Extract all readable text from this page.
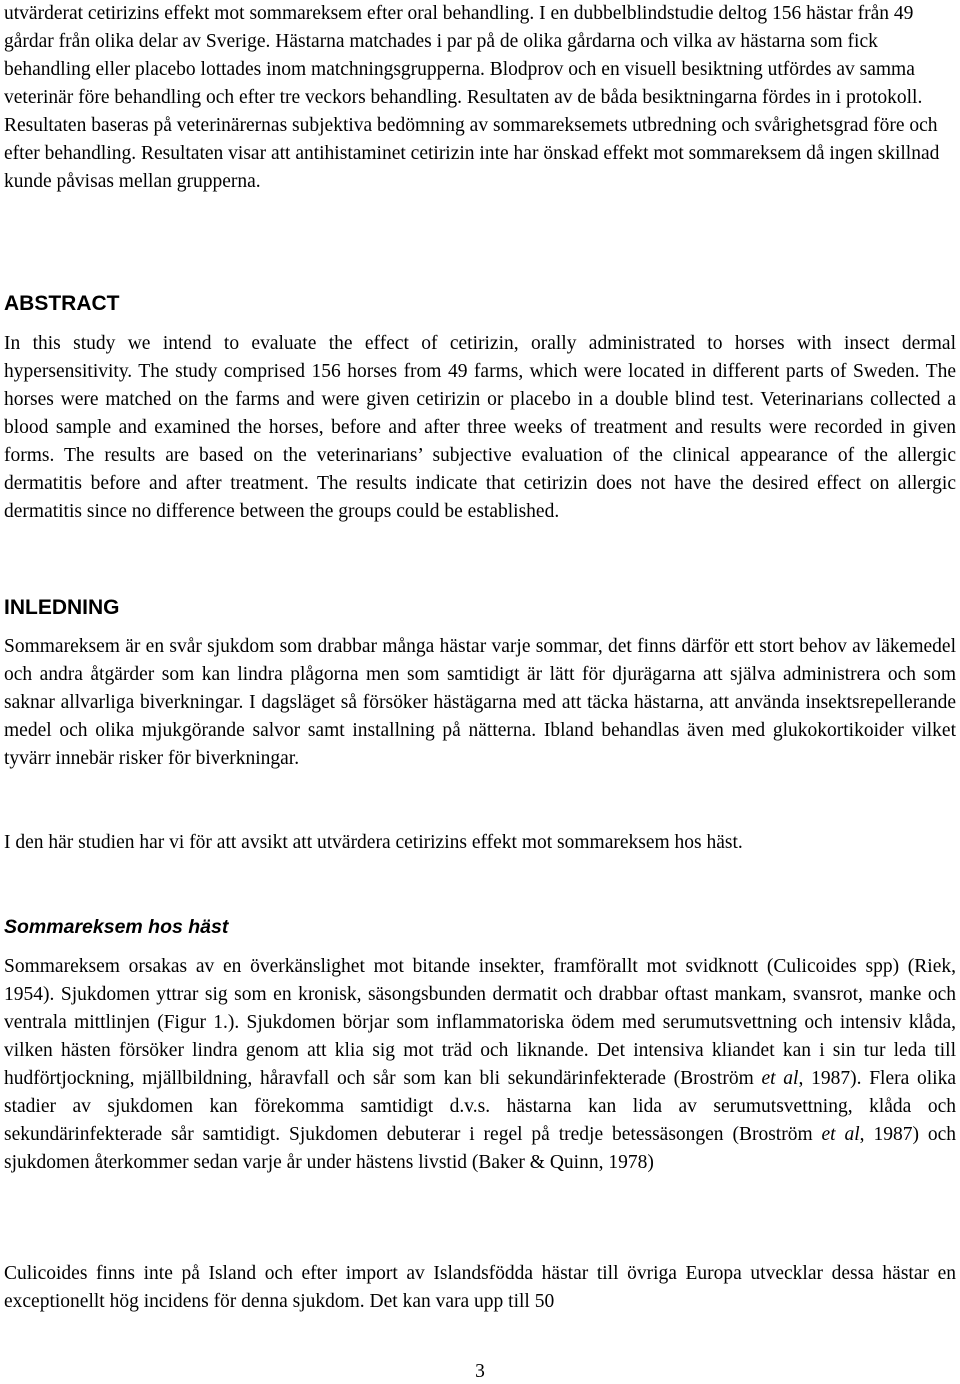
utvärderat cetirizins effekt mot sommareksem efter oral behandling. I en dubbelblindstudie deltog 156 hästar från 49 gårdar från olika delar av Sverige. Hästarna matchades i par på de olika gårdarna och vilka av hästarna som fick behandling eller placebo lottades inom matchningsgrupperna. Blodprov och en visuell besiktning utfördes av samma veterinär före behandling och efter tre veckors behandling. Resultaten av de båda besiktningarna fördes in i protokoll. Resultaten baseras på veterinärernas subjektiva bedömning av sommareksemets utbredning och svårighetsgrad före och efter behandling. Resultaten visar att antihistaminet cetirizin inte har önskad effekt mot sommareksem då ingen skillnad kunde påvisas mellan grupperna.

ABSTRACT

In this study we intend to evaluate the effect of cetirizin, orally administrated to horses with insect dermal hypersensitivity. The study comprised 156 horses from 49 farms, which were located in different parts of Sweden. The horses were matched on the farms and were given cetirizin or placebo in a double blind test. Veterinarians collected a blood sample and examined the horses, before and after three weeks of treatment and results were recorded in given forms. The results are based on the veterinarians’ subjective evaluation of the clinical appearance of the allergic dermatitis before and after treatment. The results indicate that cetirizin does not have the desired effect on allergic dermatitis since no difference between the groups could be established.

INLEDNING

Sommareksem är en svår sjukdom som drabbar många hästar varje sommar, det finns därför ett stort behov av läkemedel och andra åtgärder som kan lindra plågorna men som samtidigt är lätt för djurägarna att själva administrera och som saknar allvarliga biverkningar. I dagsläget så försöker hästägarna med att täcka hästarna, att använda insektsrepellerande medel och olika mjukgörande salvor samt installning på nätterna. Ibland behandlas även med glukokortikoider vilket tyvärr innebär risker för biverkningar.

I den här studien har vi för att avsikt att utvärdera cetirizins effekt mot sommareksem hos häst.

Sommareksem hos häst

Sommareksem orsakas av en överkänslighet mot bitande insekter, framförallt mot svidknott (Culicoides spp) (Riek, 1954). Sjukdomen yttrar sig som en kronisk, säsongsbunden dermatit och drabbar oftast mankam, svansrot, manke och ventrala mittlinjen (Figur 1.). Sjukdomen börjar som inflammatoriska ödem med serumutsvettning och intensiv klåda, vilken hästen försöker lindra genom att klia sig mot träd och liknande. Det intensiva kliandet kan i sin tur leda till hudförtjockning, mjällbildning, håravfall och sår som kan bli sekundärinfekterade (Broström et al, 1987). Flera olika stadier av sjukdomen kan förekomma samtidigt d.v.s. hästarna kan lida av serumutsvettning, klåda och sekundärinfekterade sår samtidigt. Sjukdomen debuterar i regel på tredje betessäsongen (Broström et al, 1987) och sjukdomen återkommer sedan varje år under hästens livstid (Baker & Quinn, 1978)

Culicoides finns inte på Island och efter import av Islandsfödda hästar till övriga Europa utvecklar dessa hästar en exceptionellt hög incidens för denna sjukdom. Det kan vara upp till 50

3
